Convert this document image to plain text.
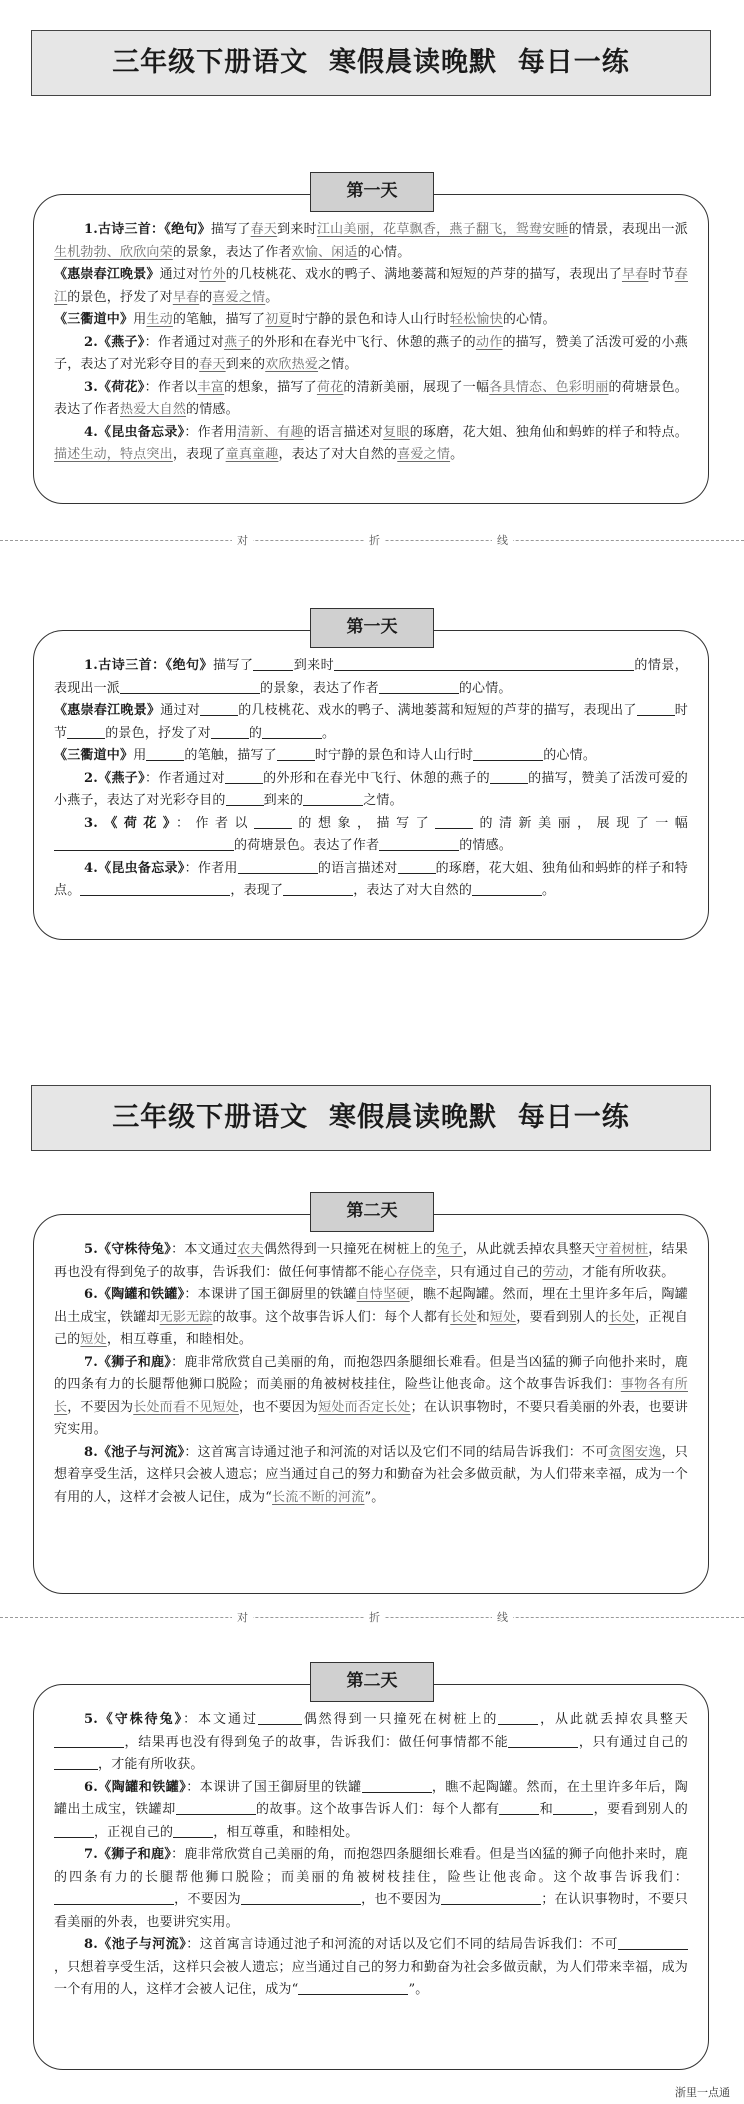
三年级下册语文  寒假晨读晚默  每日一练
第一天

1.古诗三首：《绝句》描写了春天到来时江山美丽，花草飘香，燕子翻飞，鸳鸯安睡的情景，表现出一派生机勃勃、欣欣向荣的景象，表达了作者欢愉、闲适的心情。

《惠崇春江晚景》通过对竹外的几枝桃花、戏水的鸭子、满地蒌蒿和短短的芦芽的描写，表现出了早春时节春江的景色，抒发了对早春的喜爱之情。

《三衢道中》用生动的笔触，描写了初夏时宁静的景色和诗人山行时轻松愉快的心情。

2.《燕子》：作者通过对燕子的外形和在春光中飞行、休憩的燕子的动作的描写，赞美了活泼可爱的小燕子，表达了对光彩夺目的春天到来的欢欣热爱之情。

3.《荷花》：作者以丰富的想象，描写了荷花的清新美丽，展现了一幅各具情态、色彩明丽的荷塘景色。表达了作者热爱大自然的情感。

4.《昆虫备忘录》：作者用清新、有趣的语言描述对复眼的琢磨，花大姐、独角仙和蚂蚱的样子和特点。描述生动，特点突出，表现了童真童趣，表达了对大自然的喜爱之情。

对	折	线
第一天

1.古诗三首：《绝句》描写了	到来时	的情景，表现出一派	的景象，表达了作者	的心情。

《惠崇春江晚景》通过对	的几枝桃花、戏水的鸭子、满地蒌蒿和短短的芦芽的描写，表现出了	时节	的景色，抒发了对	的	。

《三衢道中》用	的笔触，描写了	时宁静的景色和诗人山行时	的心情。

2.《燕子》：作者通过对	的外形和在春光中飞行、休憩的燕子的	的描写，赞美了活泼可爱的小燕子，表达了对光彩夺目的	到来的	之情。

3.《荷花》：作者以	的想象，描写了	的清新美丽，展现了一幅的荷塘景色。表达了作者	的情感。

4.《昆虫备忘录》：作者用	的语言描述对	的琢磨，花大姐、独角仙和蚂蚱的样子和特点。	，表现了	，表达了对大自然的	。

三年级下册语文  寒假晨读晚默  每日一练
第二天

5.《守株待兔》：本文通过农夫偶然得到一只撞死在树桩上的兔子，从此就丢掉农具整天守着树桩，结果再也没有得到兔子的故事，告诉我们：做任何事情都不能心存侥幸，只有通过自己的劳动，才能有所收获。

6.《陶罐和铁罐》：本课讲了国王御厨里的铁罐自恃坚硬，瞧不起陶罐。然而，埋在土里许多年后，陶罐出土成宝，铁罐却无影无踪的故事。这个故事告诉人们：每个人都有长处和短处，要看到别人的长处，正视自己的短处，相互尊重，和睦相处。

7.《狮子和鹿》：鹿非常欣赏自己美丽的角，而抱怨四条腿细长难看。但是当凶猛的狮子向他扑来时，鹿的四条有力的长腿帮他狮口脱险；而美丽的角被树枝挂住，险些让他丧命。这个故事告诉我们：事物各有所长，不要因为长处而看不见短处，也不要因为短处而否定长处；在认识事物时，不要只看美丽的外表，也要讲究实用。

8.《池子与河流》：这首寓言诗通过池子和河流的对话以及它们不同的结局告诉我们：不可贪图安逸，只想着享受生活，这样只会被人遗忘；应当通过自己的努力和勤奋为社会多做贡献，为人们带来幸福，成为一个有用的人，这样才会被人记住，成为“长流不断的河流”。

对	折	线
第二天

5.《守株待兔》：本文通过	偶然得到一只撞死在树桩上的	，从此就丢掉农具整天，结果再也没有得到兔子的故事，告诉我们：做任何事情都不能	，只有通过自己的，才能有所收获。

6.《陶罐和铁罐》：本课讲了国王御厨里的铁罐	，瞧不起陶罐。然而，在土里许多年后，陶罐出土成宝，铁罐却	的故事。这个故事告诉人们：每个人都有	和	，要看到别人的，正视自己的	，相互尊重，和睦相处。

7.《狮子和鹿》：鹿非常欣赏自己美丽的角，而抱怨四条腿细长难看。但是当凶猛的狮子向他扑来时，鹿的四条有力的长腿帮他狮口脱险；而美丽的角被树枝挂住，险些让他丧命。这个故事告诉我们：，不要因为	，也不要因为	；在认识事物时，不要只看美丽的外表，也要讲究实用。

8.《池子与河流》：这首寓言诗通过池子和河流的对话以及它们不同的结局告诉我们：不可，只想着享受生活，这样只会被人遗忘；应当通过自己的努力和勤奋为社会多做贡献，为人们带来幸福，成为一个有用的人，这样才会被人记住，成为“	”。

浙里一点通
